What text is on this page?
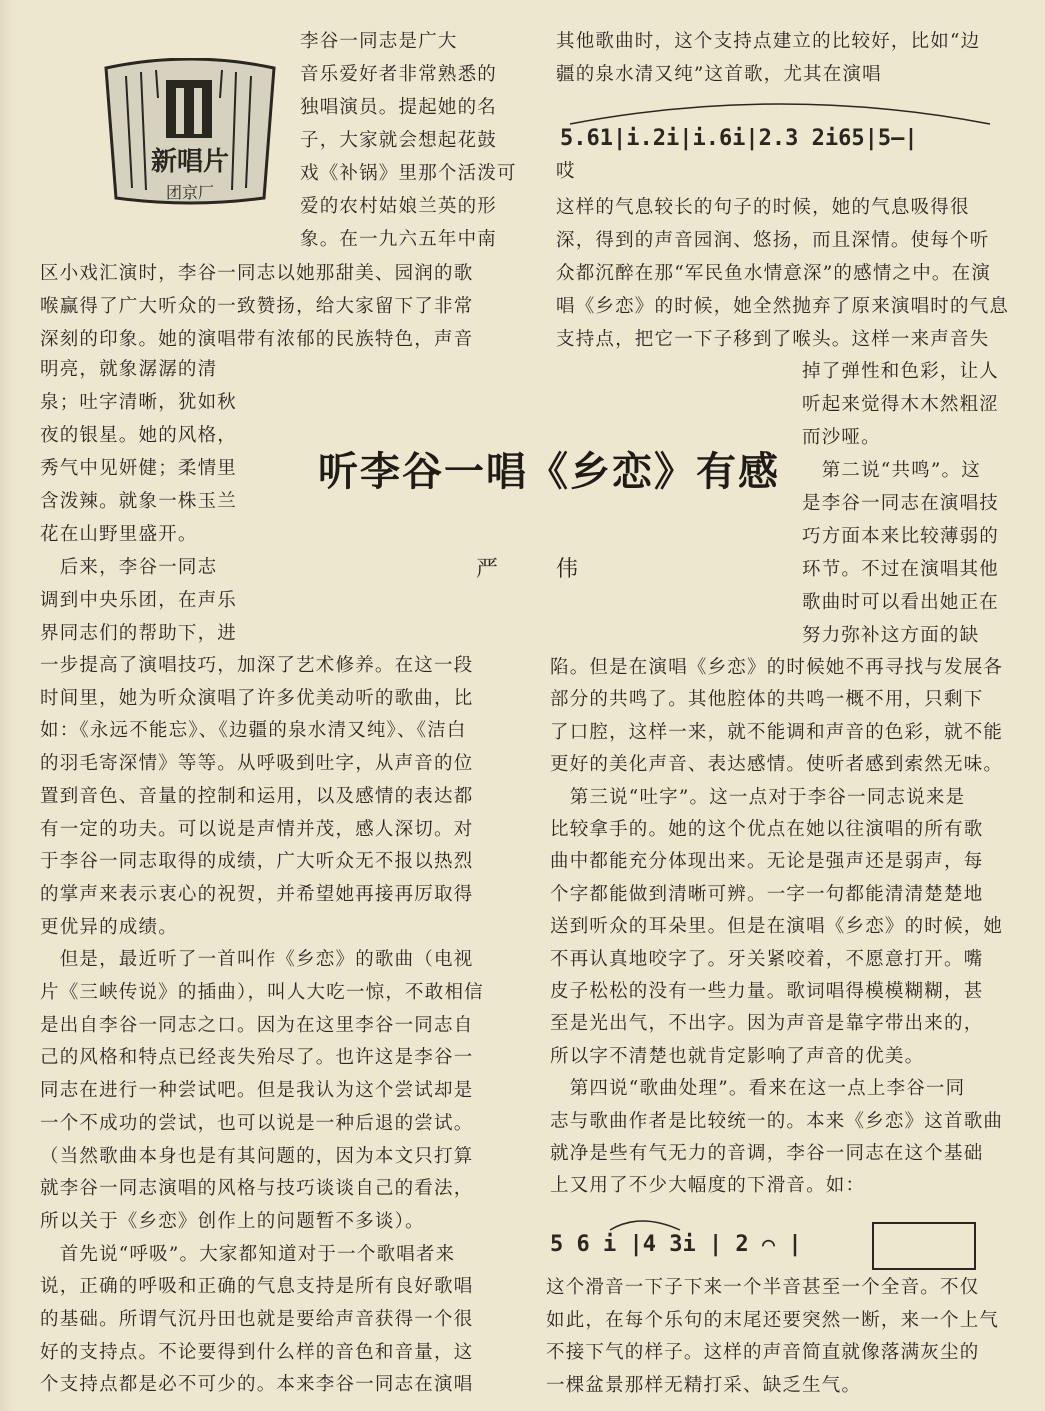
新唱片
团京厂
听李谷一唱《乡恋》有感
严	伟
李谷一同志是广大
音乐爱好者非常熟悉的
独唱演员。提起她的名
子，大家就会想起花鼓
戏《补锅》里那个活泼可
爱的农村姑娘兰英的形
象。在一九六五年中南
区小戏汇演时，李谷一同志以她那甜美、园润的歌
喉赢得了广大听众的一致赞扬，给大家留下了非常
深刻的印象。她的演唱带有浓郁的民族特色，声音
明亮，就象潺潺的清
泉；吐字清晰，犹如秋
夜的银星。她的风格，
秀气中见妍健；柔情里
含泼辣。就象一株玉兰
花在山野里盛开。
　后来，李谷一同志
调到中央乐团，在声乐
界同志们的帮助下，进
一步提高了演唱技巧，加深了艺术修养。在这一段
时间里，她为听众演唱了许多优美动听的歌曲，比
如：《永远不能忘》、《边疆的泉水清又纯》、《洁白
的羽毛寄深情》等等。从呼吸到吐字，从声音的位
置到音色、音量的控制和运用，以及感情的表达都
有一定的功夫。可以说是声情并茂，感人深切。对
于李谷一同志取得的成绩，广大听众无不报以热烈
的掌声来表示衷心的祝贺，并希望她再接再厉取得
更优异的成绩。
　但是，最近听了一首叫作《乡恋》的歌曲（电视
片《三峡传说》的插曲），叫人大吃一惊，不敢相信
是出自李谷一同志之口。因为在这里李谷一同志自
己的风格和特点已经丧失殆尽了。也许这是李谷一
同志在进行一种尝试吧。但是我认为这个尝试却是
一个不成功的尝试，也可以说是一种后退的尝试。
（当然歌曲本身也是有其问题的，因为本文只打算
就李谷一同志演唱的风格与技巧谈谈自己的看法，
所以关于《乡恋》创作上的问题暂不多谈）。
　首先说“呼吸”。大家都知道对于一个歌唱者来
说，正确的呼吸和正确的气息支持是所有良好歌唱
的基础。所谓气沉丹田也就是要给声音获得一个很
好的支持点。不论要得到什么样的音色和音量，这
个支持点都是必不可少的。本来李谷一同志在演唱
其他歌曲时，这个支持点建立的比较好，比如“边
疆的泉水清又纯”这首歌，尤其在演唱
5.61|i.2i|i.6i|2.3 2i65|5—|
哎
这样的气息较长的句子的时候，她的气息吸得很
深，得到的声音园润、悠扬，而且深情。使每个听
众都沉醉在那“军民鱼水情意深”的感情之中。在演
唱《乡恋》的时候，她全然抛弃了原来演唱时的气息
支持点，把它一下子移到了喉头。这样一来声音失
掉了弹性和色彩，让人
听起来觉得木木然粗涩
而沙哑。
　第二说“共鸣”。这
是李谷一同志在演唱技
巧方面本来比较薄弱的
环节。不过在演唱其他
歌曲时可以看出她正在
努力弥补这方面的缺
陷。但是在演唱《乡恋》的时候她不再寻找与发展各
部分的共鸣了。其他腔体的共鸣一概不用，只剩下
了口腔，这样一来，就不能调和声音的色彩，就不能
更好的美化声音、表达感情。使听者感到索然无味。
　第三说“吐字”。这一点对于李谷一同志说来是
比较拿手的。她的这个优点在她以往演唱的所有歌
曲中都能充分体现出来。无论是强声还是弱声，每
个字都能做到清晰可辨。一字一句都能清清楚楚地
送到听众的耳朵里。但是在演唱《乡恋》的时候，她
不再认真地咬字了。牙关紧咬着，不愿意打开。嘴
皮子松松的没有一些力量。歌词唱得模模糊糊，甚
至是光出气，不出字。因为声音是靠字带出来的，
所以字不清楚也就肯定影响了声音的优美。
　第四说“歌曲处理”。看来在这一点上李谷一同
志与歌曲作者是比较统一的。本来《乡恋》这首歌曲
就净是些有气无力的音调，李谷一同志在这个基础
上又用了不少大幅度的下滑音。如：
5 6 i |4 3i | 2 ⌒ |
这个滑音一下子下来一个半音甚至一个全音。不仅
如此，在每个乐句的末尾还要突然一断，来一个上气
不接下气的样子。这样的声音简直就像落满灰尘的
一棵盆景那样无精打采、缺乏生气。
